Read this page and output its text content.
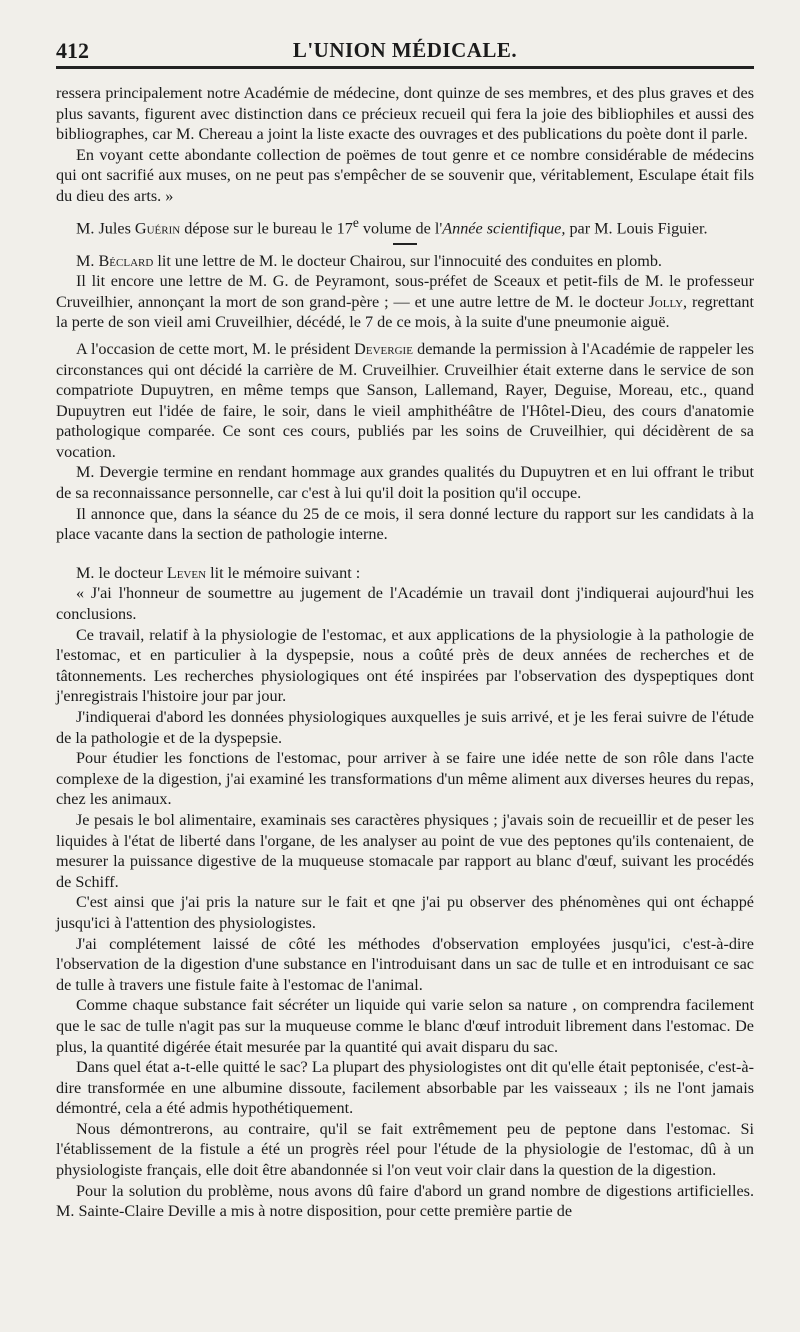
412	L'UNION MÉDICALE.

ressera principalement notre Académie de médecine, dont quinze de ses membres, et des plus graves et des plus savants, figurent avec distinction dans ce précieux recueil qui fera la joie des bibliophiles et aussi des bibliographes, car M. Chereau a joint la liste exacte des ouvrages et des publications du poète dont il parle.

En voyant cette abondante collection de poëmes de tout genre et ce nombre considérable de médecins qui ont sacrifié aux muses, on ne peut pas s'empêcher de se souvenir que, véritablement, Esculape était fils du dieu des arts. »

M. Jules Guérin dépose sur le bureau le 17e volume de l'Année scientifique, par M. Louis Figuier.

M. Béclard lit une lettre de M. le docteur Chairou, sur l'innocuité des conduites en plomb.

Il lit encore une lettre de M. G. de Peyramont, sous-préfet de Sceaux et petit-fils de M. le professeur Cruveilhier, annonçant la mort de son grand-père ; — et une autre lettre de M. le docteur Jolly, regrettant la perte de son vieil ami Cruveilhier, décédé, le 7 de ce mois, à la suite d'une pneumonie aiguë.

A l'occasion de cette mort, M. le président Devergie demande la permission à l'Académie de rappeler les circonstances qui ont décidé la carrière de M. Cruveilhier. Cruveilhier était externe dans le service de son compatriote Dupuytren, en même temps que Sanson, Lallemand, Rayer, Deguise, Moreau, etc., quand Dupuytren eut l'idée de faire, le soir, dans le vieil amphithéâtre de l'Hôtel-Dieu, des cours d'anatomie pathologique comparée. Ce sont ces cours, publiés par les soins de Cruveilhier, qui décidèrent de sa vocation.

M. Devergie termine en rendant hommage aux grandes qualités du Dupuytren et en lui offrant le tribut de sa reconnaissance personnelle, car c'est à lui qu'il doit la position qu'il occupe.

Il annonce que, dans la séance du 25 de ce mois, il sera donné lecture du rapport sur les candidats à la place vacante dans la section de pathologie interne.

M. le docteur Leven lit le mémoire suivant :

« J'ai l'honneur de soumettre au jugement de l'Académie un travail dont j'indiquerai aujourd'hui les conclusions.

Ce travail, relatif à la physiologie de l'estomac, et aux applications de la physiologie à la pathologie de l'estomac, et en particulier à la dyspepsie, nous a coûté près de deux années de recherches et de tâtonnements. Les recherches physiologiques ont été inspirées par l'observation des dyspeptiques dont j'enregistrais l'histoire jour par jour.

J'indiquerai d'abord les données physiologiques auxquelles je suis arrivé, et je les ferai suivre de l'étude de la pathologie et de la dyspepsie.

Pour étudier les fonctions de l'estomac, pour arriver à se faire une idée nette de son rôle dans l'acte complexe de la digestion, j'ai examiné les transformations d'un même aliment aux diverses heures du repas, chez les animaux.

Je pesais le bol alimentaire, examinais ses caractères physiques ; j'avais soin de recueillir et de peser les liquides à l'état de liberté dans l'organe, de les analyser au point de vue des peptones qu'ils contenaient, de mesurer la puissance digestive de la muqueuse stomacale par rapport au blanc d'œuf, suivant les procédés de Schiff.

C'est ainsi que j'ai pris la nature sur le fait et qne j'ai pu observer des phénomènes qui ont échappé jusqu'ici à l'attention des physiologistes.

J'ai complétement laissé de côté les méthodes d'observation employées jusqu'ici, c'est-à-dire l'observation de la digestion d'une substance en l'introduisant dans un sac de tulle et en introduisant ce sac de tulle à travers une fistule faite à l'estomac de l'animal.

Comme chaque substance fait sécréter un liquide qui varie selon sa nature , on comprendra facilement que le sac de tulle n'agit pas sur la muqueuse comme le blanc d'œuf introduit librement dans l'estomac. De plus, la quantité digérée était mesurée par la quantité qui avait disparu du sac.

Dans quel état a-t-elle quitté le sac? La plupart des physiologistes ont dit qu'elle était peptonisée, c'est-à-dire transformée en une albumine dissoute, facilement absorbable par les vaisseaux ; ils ne l'ont jamais démontré, cela a été admis hypothétiquement.

Nous démontrerons, au contraire, qu'il se fait extrêmement peu de peptone dans l'estomac. Si l'établissement de la fistule a été un progrès réel pour l'étude de la physiologie de l'estomac, dû à un physiologiste français, elle doit être abandonnée si l'on veut voir clair dans la question de la digestion.

Pour la solution du problème, nous avons dû faire d'abord un grand nombre de digestions artificielles. M. Sainte-Claire Deville a mis à notre disposition, pour cette première partie de
